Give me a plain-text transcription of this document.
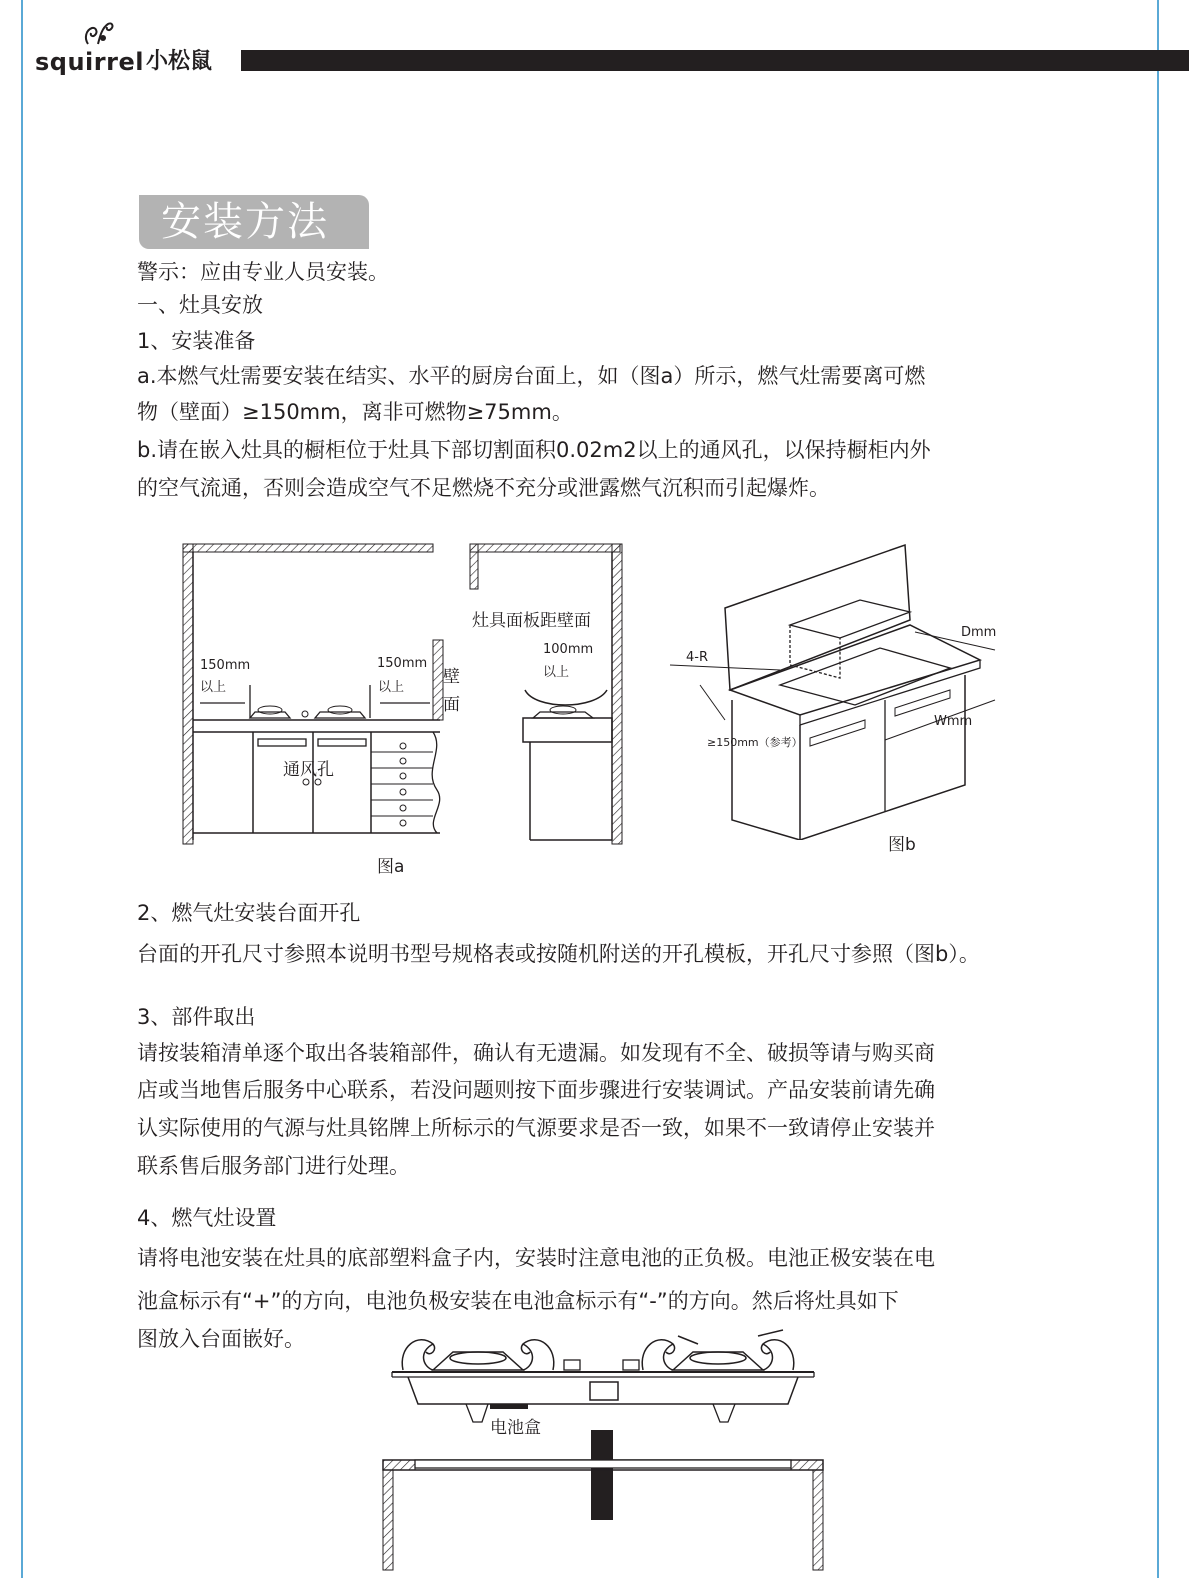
squirrel 小松鼠
安装方法
警示：应由专业人员安装。
一、灶具安放
1、安装准备
a.本燃气灶需要安装在结实、水平的厨房台面上，如（图a）所示，燃气灶需要离可燃
物（壁面）≥150mm，离非可燃物≥75mm。
b.请在嵌入灶具的橱柜位于灶具下部切割面积0.02m2以上的通风孔，以保持橱柜内外
的空气流通，否则会造成空气不足燃烧不充分或泄露燃气沉积而引起爆炸。
150mm
以上
150mm
以上
壁
面
通风孔
灶具面板距壁面
100mm
以上
图a
Dmm
4-R
Wmm
≥150mm（参考）
图b
2、燃气灶安装台面开孔
台面的开孔尺寸参照本说明书型号规格表或按随机附送的开孔模板，开孔尺寸参照（图b）。
3、部件取出
请按装箱清单逐个取出各装箱部件，确认有无遗漏。如发现有不全、破损等请与购买商
店或当地售后服务中心联系，若没问题则按下面步骤进行安装调试。产品安装前请先确
认实际使用的气源与灶具铭牌上所标示的气源要求是否一致，如果不一致请停止安装并
联系售后服务部门进行处理。
4、燃气灶设置
请将电池安装在灶具的底部塑料盒子内，安装时注意电池的正负极。电池正极安装在电
池盒标示有“+”的方向，电池负极安装在电池盒标示有“-”的方向。然后将灶具如下
图放入台面嵌好。
电池盒
